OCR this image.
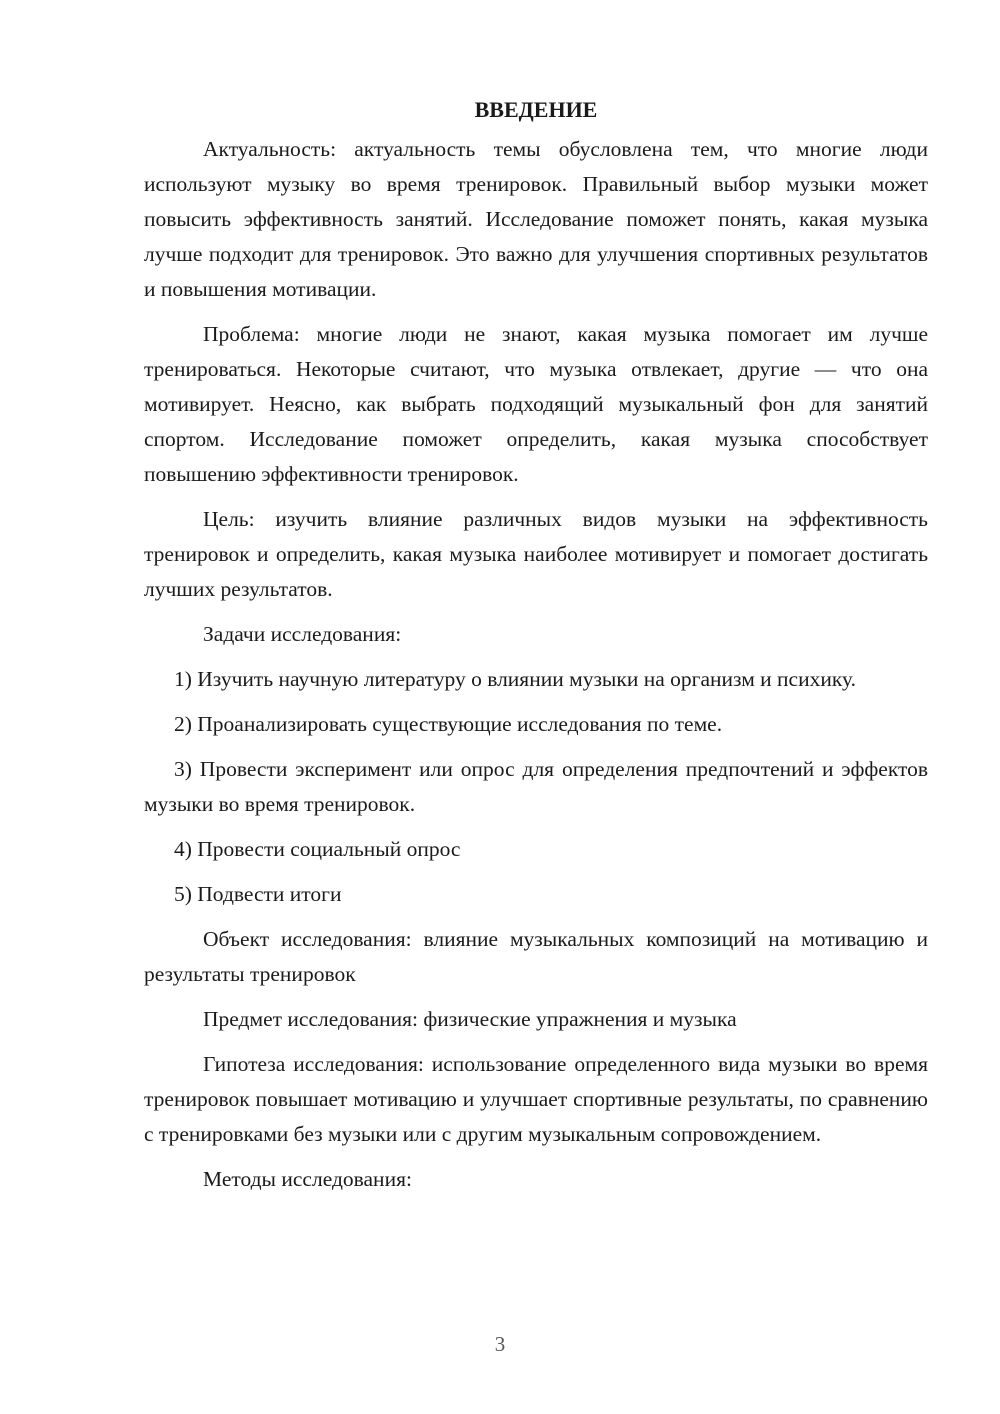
ВВЕДЕНИЕ

Актуальность: актуальность темы обусловлена тем, что многие люди используют музыку во время тренировок. Правильный выбор музыки может повысить эффективность занятий. Исследование поможет понять, какая музыка лучше подходит для тренировок. Это важно для улучшения спортивных результатов и повышения мотивации.

Проблема: многие люди не знают, какая музыка помогает им лучше тренироваться. Некоторые считают, что музыка отвлекает, другие — что она мотивирует. Неясно, как выбрать подходящий музыкальный фон для занятий спортом. Исследование поможет определить, какая музыка способствует повышению эффективности тренировок.

Цель: изучить влияние различных видов музыки на эффективность тренировок и определить, какая музыка наиболее мотивирует и помогает достигать лучших результатов.

Задачи исследования:

1) Изучить научную литературу о влиянии музыки на организм и психику.

2) Проанализировать существующие исследования по теме.

3) Провести эксперимент или опрос для определения предпочтений и эффектов музыки во время тренировок.

4) Провести социальный опрос

5) Подвести итоги

Объект исследования: влияние музыкальных композиций на мотивацию и результаты тренировок

Предмет исследования: физические упражнения и музыка

Гипотеза исследования: использование определенного вида музыки во время тренировок повышает мотивацию и улучшает спортивные результаты, по сравнению с тренировками без музыки или с другим музыкальным сопровождением.

Методы исследования:

3
